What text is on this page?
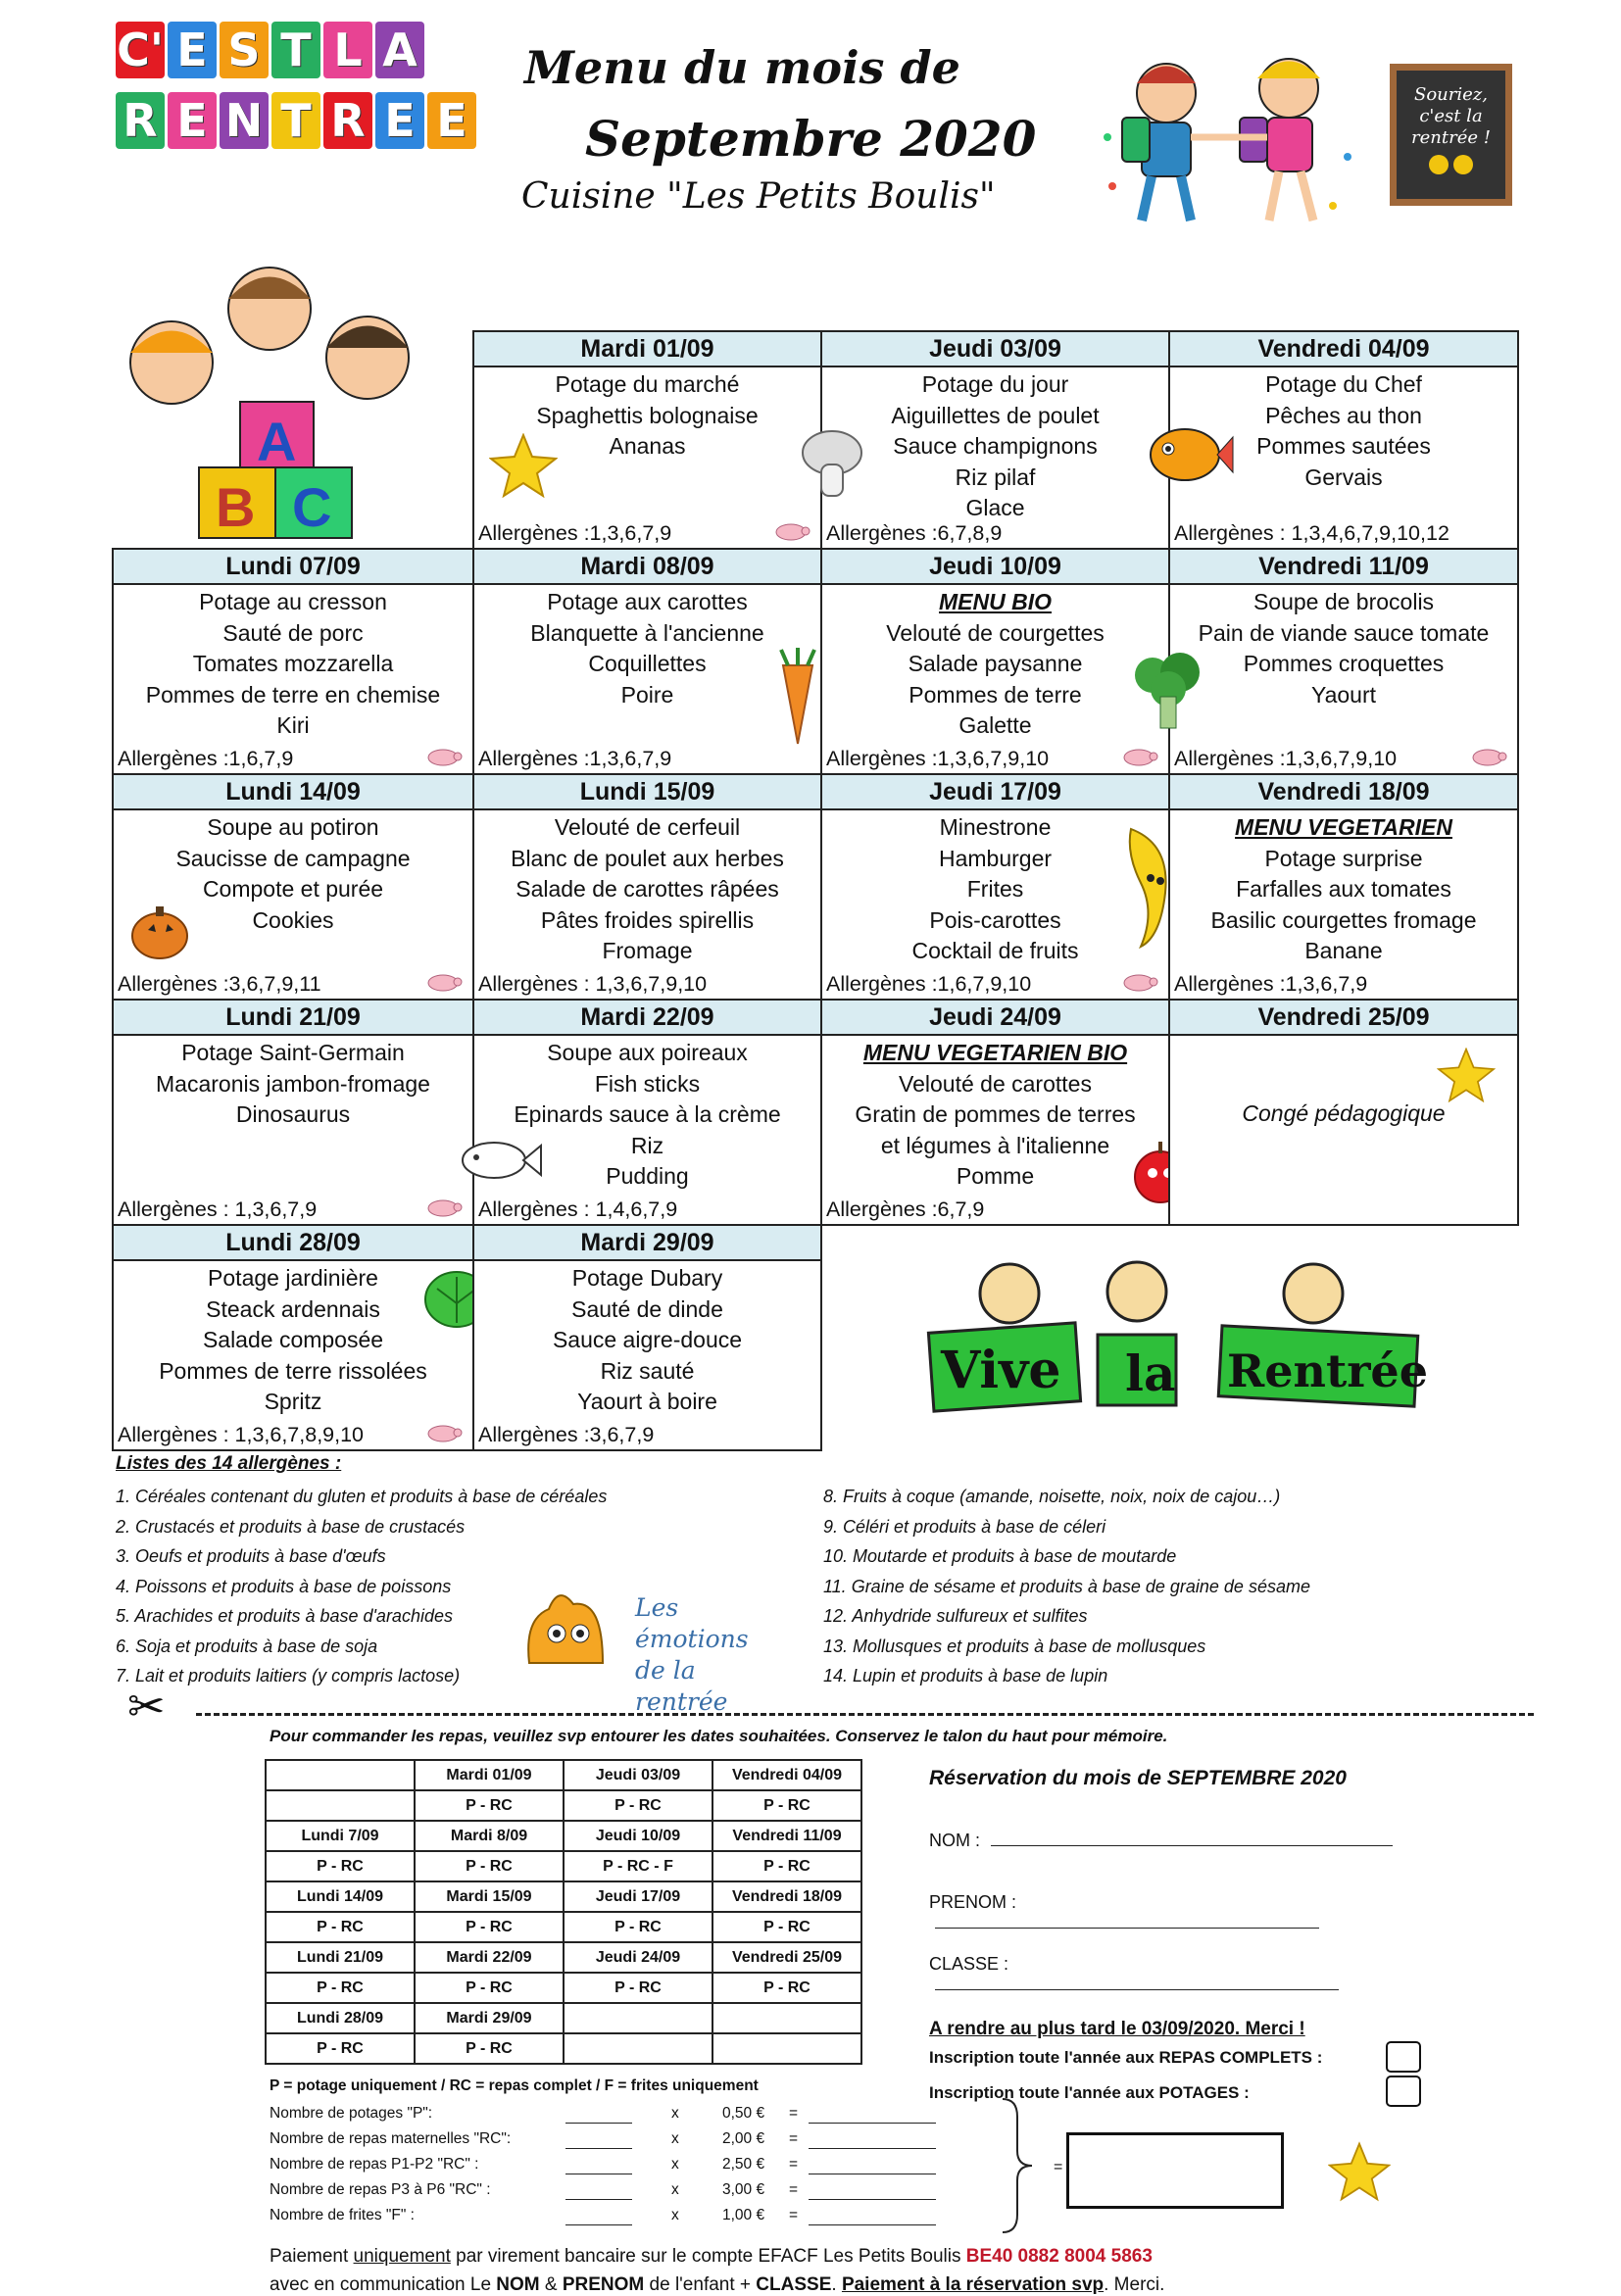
C' E S T L A
R E N T R E E
Menu du mois de
Septembre 2020
Cuisine "Les Petits Boulis"
Souriez, c'est la rentrée !

A
B C
Mardi 01/09
Potage du marché
Spaghettis bolognaise
Ananas
Allergènes :1,3,6,7,9
Jeudi 03/09
Potage du jour
Aiguillettes de poulet
Sauce champignons
Riz pilaf
Glace
Allergènes :6,7,8,9
Vendredi 04/09
Potage du Chef
Pêches au thon
Pommes sautées
Gervais
Allergènes : 1,3,4,6,7,9,10,12
Lundi 07/09
Potage au cresson
Sauté de porc
Tomates mozzarella
Pommes de terre en chemise
Kiri
Allergènes :1,6,7,9
Mardi 08/09
Potage aux carottes
Blanquette à l'ancienne
Coquillettes
Poire
Allergènes :1,3,6,7,9
Jeudi 10/09
MENU BIO
Velouté de courgettes
Salade paysanne
Pommes de terre
Galette
Allergènes :1,3,6,7,9,10
Vendredi 11/09
Soupe de brocolis
Pain de viande sauce tomate
Pommes croquettes
Yaourt
Allergènes :1,3,6,7,9,10
Lundi 14/09
Soupe au potiron
Saucisse de campagne
Compote et purée
Cookies
Allergènes :3,6,7,9,11
Lundi 15/09
Velouté de cerfeuil
Blanc de poulet aux herbes
Salade de carottes râpées
Pâtes froides spirellis
Fromage
Allergènes : 1,3,6,7,9,10
Jeudi 17/09
Minestrone
Hamburger
Frites
Pois-carottes
Cocktail de fruits
Allergènes :1,6,7,9,10
Vendredi 18/09
MENU VEGETARIEN
Potage surprise
Farfalles aux tomates
Basilic courgettes fromage
Banane
Allergènes :1,3,6,7,9
Lundi 21/09
Potage Saint-Germain
Macaronis jambon-fromage
Dinosaurus
Allergènes : 1,3,6,7,9
Mardi 22/09
Soupe aux poireaux
Fish sticks
Epinards sauce à la crème
Riz
Pudding
Allergènes : 1,4,6,7,9
Jeudi 24/09
MENU VEGETARIEN BIO
Velouté de carottes
Gratin de pommes de terres
et légumes à l'italienne
Pomme
Allergènes :6,7,9
Vendredi 25/09
Congé pédagogique
Lundi 28/09
Potage jardinière
Steack ardennais
Salade composée
Pommes de terre rissolées
Spritz
Allergènes : 1,3,6,7,8,9,10
Mardi 29/09
Potage Dubary
Sauté de dinde
Sauce aigre-douce
Riz sauté
Yaourt à boire
Allergènes :3,6,7,9
Vive la Rentrée
Listes des 14 allergènes :
1. Céréales contenant du gluten et produits à base de céréales
2. Crustacés et produits à base de crustacés
3. Oeufs et produits à base d'œufs
4. Poissons et produits à base de poissons
5. Arachides et produits à base d'arachides
6. Soja et produits à base de soja
7. Lait et produits laitiers (y compris lactose)
8. Fruits à coque (amande, noisette, noix, noix de cajou…)
9. Céléri et produits à base de céleri
10. Moutarde et produits à base de moutarde
11. Graine de sésame et produits à base de graine de sésame
12. Anhydride sulfureux et sulfites
13. Mollusques et produits à base de mollusques
14. Lupin et produits à base de lupin
Les émotions de la rentrée
✂
Pour commander les repas, veuillez svp entourer les dates souhaitées. Conservez le talon du haut pour mémoire.
	Mardi 01/09	Jeudi 03/09	Vendredi 04/09
	P - RC	P - RC	P - RC
Lundi 7/09	Mardi 8/09	Jeudi 10/09	Vendredi 11/09
P - RC	P - RC	P - RC - F	P - RC
Lundi 14/09	Mardi 15/09	Jeudi 17/09	Vendredi 18/09
P - RC	P - RC	P - RC	P - RC
Lundi 21/09	Mardi 22/09	Jeudi 24/09	Vendredi 25/09
P - RC	P - RC	P - RC	P - RC
Lundi 28/09	Mardi 29/09		
P - RC	P - RC		
P = potage uniquement / RC = repas complet / F = frites uniquement
Nombre de potages "P":	x	0,50 € =
Nombre de repas maternelles "RC":	x	2,00 € =
Nombre de repas P1-P2 "RC" :	x	2,50 € =
Nombre de repas P3 à P6 "RC" :	x	3,00 € =
Nombre de frites "F" :	x	1,00 € =
=
Réservation du mois de SEPTEMBRE 2020
NOM :
PRENOM :
CLASSE :
A rendre au plus tard le 03/09/2020. Merci !
Inscription toute l'année aux REPAS COMPLETS :
Inscription toute l'année aux POTAGES :
Paiement uniquement par virement bancaire sur le compte EFACF Les Petits Boulis BE40 0882 8004 5863
avec en communication Le NOM & PRENOM de l'enfant + CLASSE. Paiement à la réservation svp. Merci.
